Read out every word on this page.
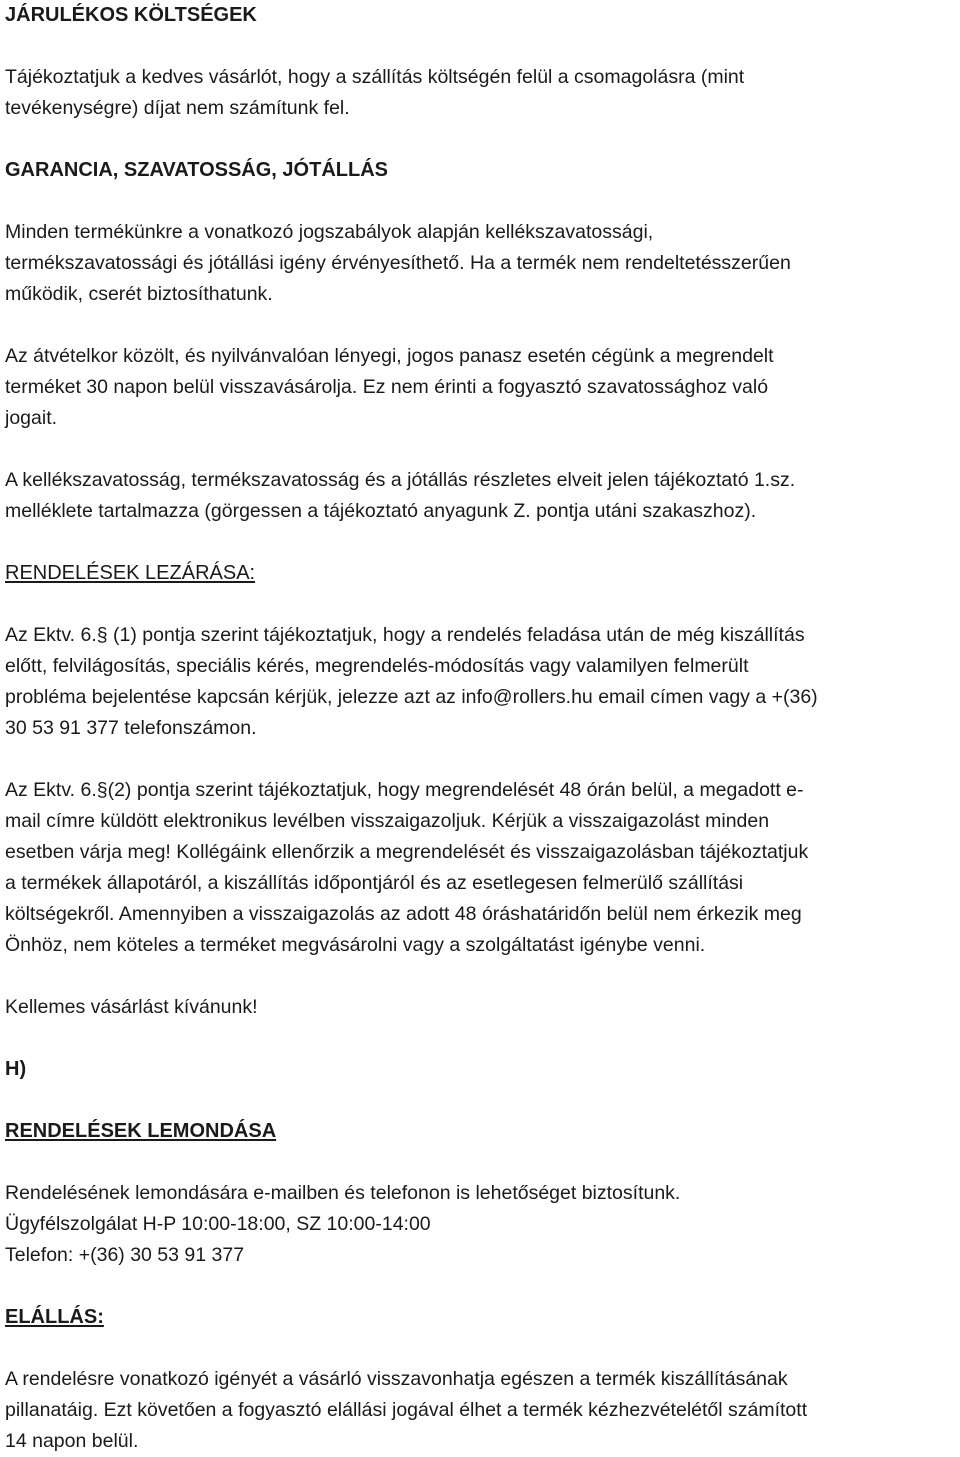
JÁRULÉKOS KÖLTSÉGEK

Tájékoztatjuk a kedves vásárlót, hogy a szállítás költségén felül a csomagolásra (mint
tevékenységre) díjat nem számítunk fel.

GARANCIA, SZAVATOSSÁG, JÓTÁLLÁS

Minden termékünkre a vonatkozó jogszabályok alapján kellékszavatossági,
termékszavatossági és jótállási igény érvényesíthető. Ha a termék nem rendeltetésszerűen
működik, cserét biztosíthatunk.

Az átvételkor közölt, és nyilvánvalóan lényegi, jogos panasz esetén cégünk a megrendelt
terméket 30 napon belül visszavásárolja. Ez nem érinti a fogyasztó szavatossághoz való
jogait.

A kellékszavatosság, termékszavatosság és a jótállás részletes elveit jelen tájékoztató 1.sz.
melléklete tartalmazza (görgessen a tájékoztató anyagunk Z. pontja utáni szakaszhoz).

RENDELÉSEK LEZÁRÁSA:

Az Ektv. 6.§ (1) pontja szerint tájékoztatjuk, hogy a rendelés feladása után de még kiszállítás
előtt, felvilágosítás, speciális kérés, megrendelés-módosítás vagy valamilyen felmerült
probléma bejelentése kapcsán kérjük, jelezze azt az info@rollers.hu email címen vagy a +(36)
30 53 91 377 telefonszámon.

Az Ektv. 6.§(2) pontja szerint tájékoztatjuk, hogy megrendelését 48 órán belül, a megadott e-
mail címre küldött elektronikus levélben visszaigazoljuk. Kérjük a visszaigazolást minden
esetben várja meg! Kollégáink ellenőrzik a megrendelését és visszaigazolásban tájékoztatjuk
a termékek állapotáról, a kiszállítás időpontjáról és az esetlegesen felmerülő szállítási
költségekről. Amennyiben a visszaigazolás az adott 48 óráshatáridőn belül nem érkezik meg
Önhöz, nem köteles a terméket megvásárolni vagy a szolgáltatást igénybe venni.

Kellemes vásárlást kívánunk!

H)
RENDELÉSEK LEMONDÁSA

Rendelésének lemondására e-mailben és telefonon is lehetőséget biztosítunk.
Ügyfélszolgálat H-P 10:00-18:00, SZ 10:00-14:00
Telefon: +(36) 30 53 91 377

ELÁLLÁS:

A rendelésre vonatkozó igényét a vásárló visszavonhatja egészen a termék kiszállításának
pillanatáig. Ezt követően a fogyasztó elállási jogával élhet a termék kézhezvételétől számított
14 napon belül.
